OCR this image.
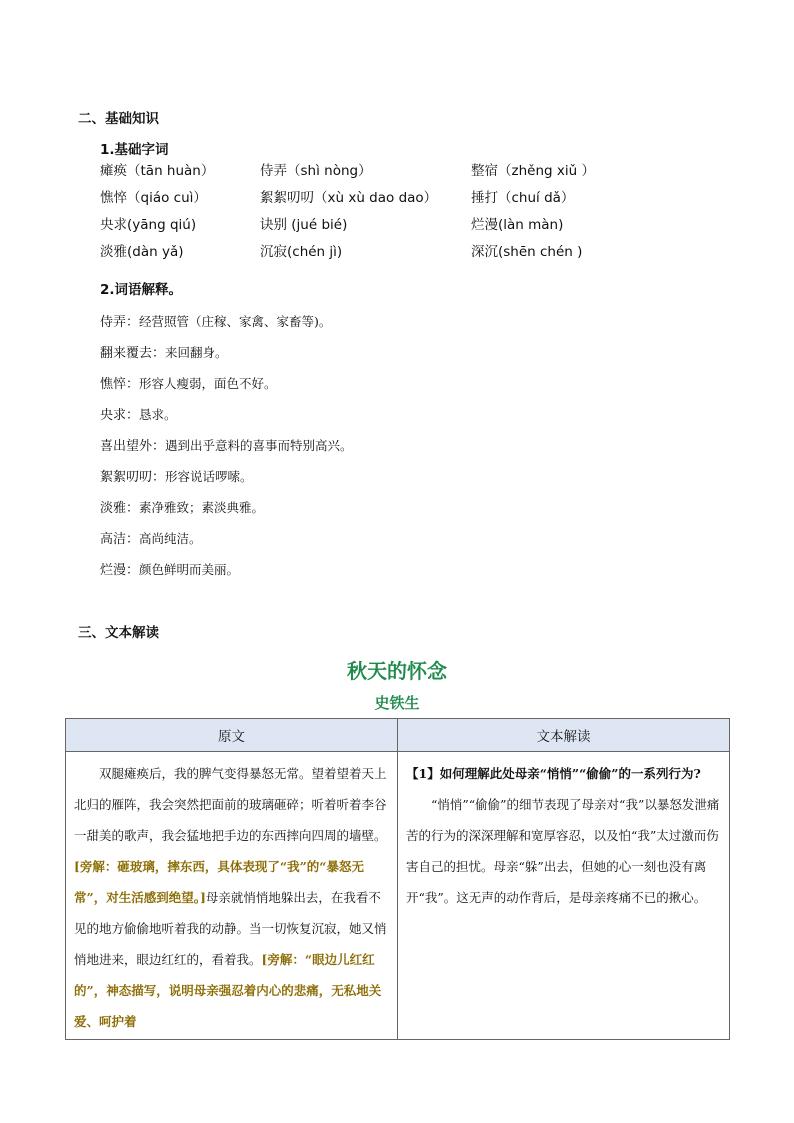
二、基础知识
1.基础字词
瘫痪（tān huàn）	侍弄（shì nòng）	整宿（zhěng xiǔ ）
憔悴（qiáo cuì）	絮絮叨叨（xù xù dao dao）	捶打（chuí dǎ）
央求(yāng qiú)	诀别 (jué bié)	烂漫(làn màn)
淡雅(dàn yǎ)	沉寂(chén jì)	深沉(shēn chén )
2.词语解释。
侍弄：经营照管（庄稼、家禽、家畜等)。
翻来覆去：来回翻身。
憔悴：形容人瘦弱，面色不好。
央求：恳求。
喜出望外：遇到出乎意料的喜事而特别高兴。
絮絮叨叨：形容说话啰嗦。
淡雅：素净雅致；素淡典雅。
高洁：高尚纯洁。
烂漫：颜色鲜明而美丽。
三、文本解读
秋天的怀念
史铁生
原文	文本解读

双腿瘫痪后，我的脾气变得暴怒无常。望着望着天上北归的雁阵，我会突然把面前的玻璃砸碎；听着听着李谷一甜美的歌声，我会猛地把手边的东西摔向四周的墙壁。[旁解：砸玻璃，摔东西，具体表现了“我”的“暴怒无常”，对生活感到绝望。]母亲就悄悄地躲出去，在我看不见的地方偷偷地听着我的动静。当一切恢复沉寂，她又悄悄地进来，眼边红红的，看着我。[旁解：“眼边儿红红的”，神态描写，说明母亲强忍着内心的悲痛，无私地关爱、呵护着	【1】如何理解此处母亲“悄悄”“偷偷”的一系列行为?

“悄悄”“偷偷”的细节表现了母亲对“我”以暴怒发泄痛苦的行为的深深理解和宽厚容忍，以及怕“我”太过激而伤害自己的担忧。母亲“躲”出去，但她的心一刻也没有离开“我”。这无声的动作背后，是母亲疼痛不已的揪心。
